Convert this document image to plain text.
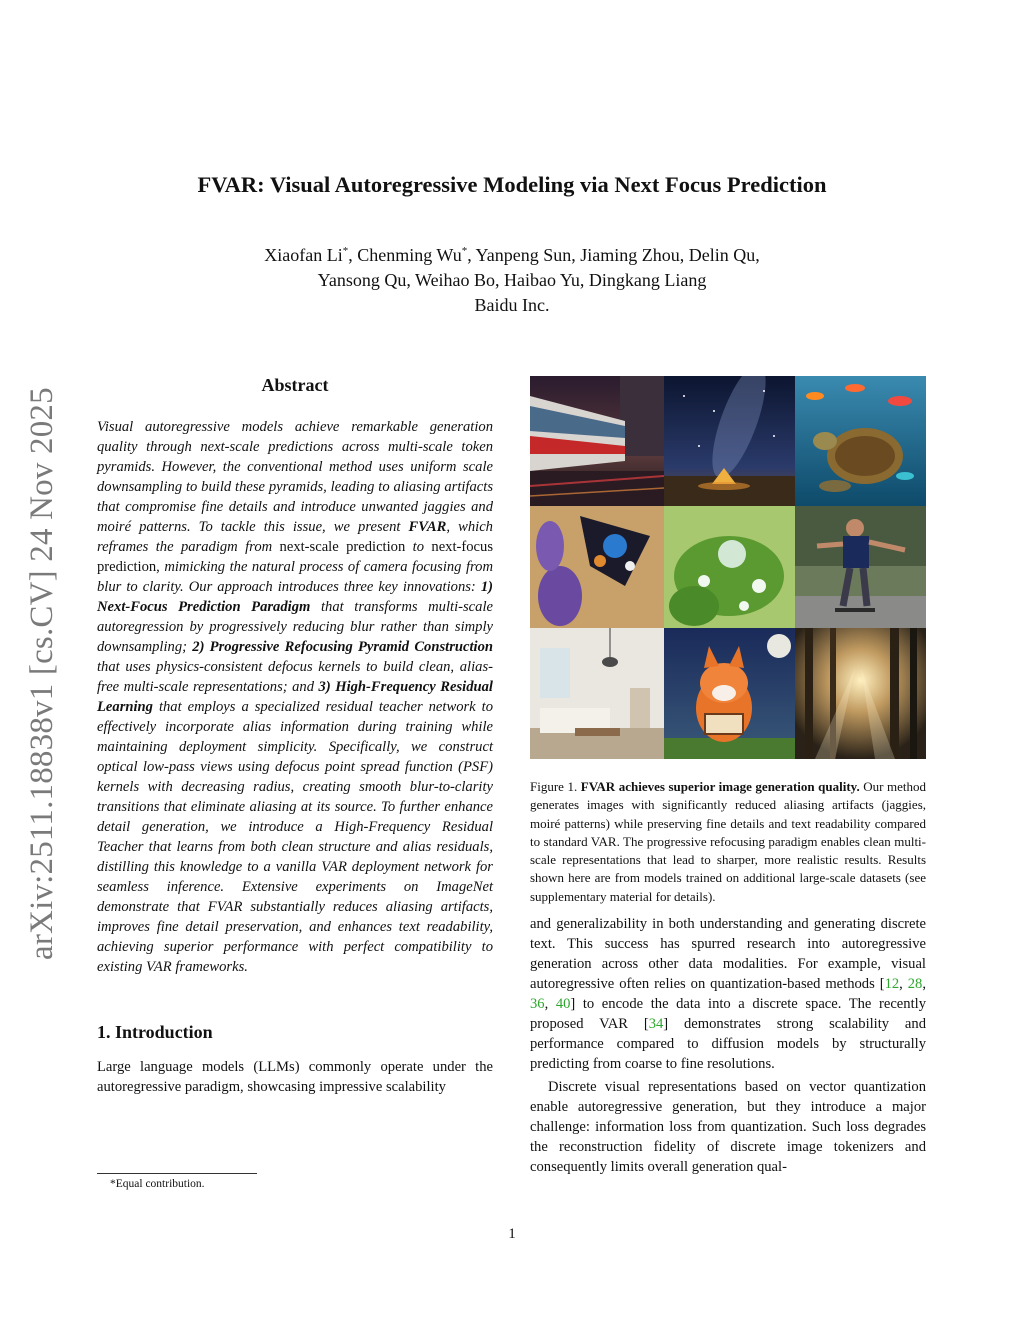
arXiv:2511.18838v1 [cs.CV] 24 Nov 2025
FVAR: Visual Autoregressive Modeling via Next Focus Prediction
Xiaofan Li*, Chenming Wu*, Yanpeng Sun, Jiaming Zhou, Delin Qu,
Yansong Qu, Weihao Bo, Haibao Yu, Dingkang Liang
Baidu Inc.
Abstract

Visual autoregressive models achieve remarkable generation quality through next-scale predictions across multi-scale token pyramids. However, the conventional method uses uniform scale downsampling to build these pyramids, leading to aliasing artifacts that compromise fine details and introduce unwanted jaggies and moiré patterns. To tackle this issue, we present FVAR, which reframes the paradigm from next-scale prediction to next-focus prediction, mimicking the natural process of camera focusing from blur to clarity. Our approach introduces three key innovations: 1) Next-Focus Prediction Paradigm that transforms multi-scale autoregression by progressively reducing blur rather than simply downsampling; 2) Progressive Refocusing Pyramid Construction that uses physics-consistent defocus kernels to build clean, alias-free multi-scale representations; and 3) High-Frequency Residual Learning that employs a specialized residual teacher network to effectively incorporate alias information during training while maintaining deployment simplicity. Specifically, we construct optical low-pass views using defocus point spread function (PSF) kernels with decreasing radius, creating smooth blur-to-clarity transitions that eliminate aliasing at its source. To further enhance detail generation, we introduce a High-Frequency Residual Teacher that learns from both clean structure and alias residuals, distilling this knowledge to a vanilla VAR deployment network for seamless inference. Extensive experiments on ImageNet demonstrate that FVAR substantially reduces aliasing artifacts, improves fine detail preservation, and enhances text readability, achieving superior performance with perfect compatibility to existing VAR frameworks.

1. Introduction

Large language models (LLMs) commonly operate under the autoregressive paradigm, showcasing impressive scalability

*Equal contribution.
Figure 1. FVAR achieves superior image generation quality. Our method generates images with significantly reduced aliasing artifacts (jaggies, moiré patterns) while preserving fine details and text readability compared to standard VAR. The progressive refocusing paradigm enables clean multi-scale representations that lead to sharper, more realistic results. Results shown here are from models trained on additional large-scale datasets (see supplementary material for details).

and generalizability in both understanding and generating discrete text. This success has spurred research into autoregressive generation across other data modalities. For example, visual autoregressive often relies on quantization-based methods [12, 28, 36, 40] to encode the data into a discrete space. The recently proposed VAR [34] demonstrates strong scalability and performance compared to diffusion models by structurally predicting from coarse to fine resolutions.

Discrete visual representations based on vector quantization enable autoregressive generation, but they introduce a major challenge: information loss from quantization. Such loss degrades the reconstruction fidelity of discrete image tokenizers and consequently limits overall generation qual-

1
